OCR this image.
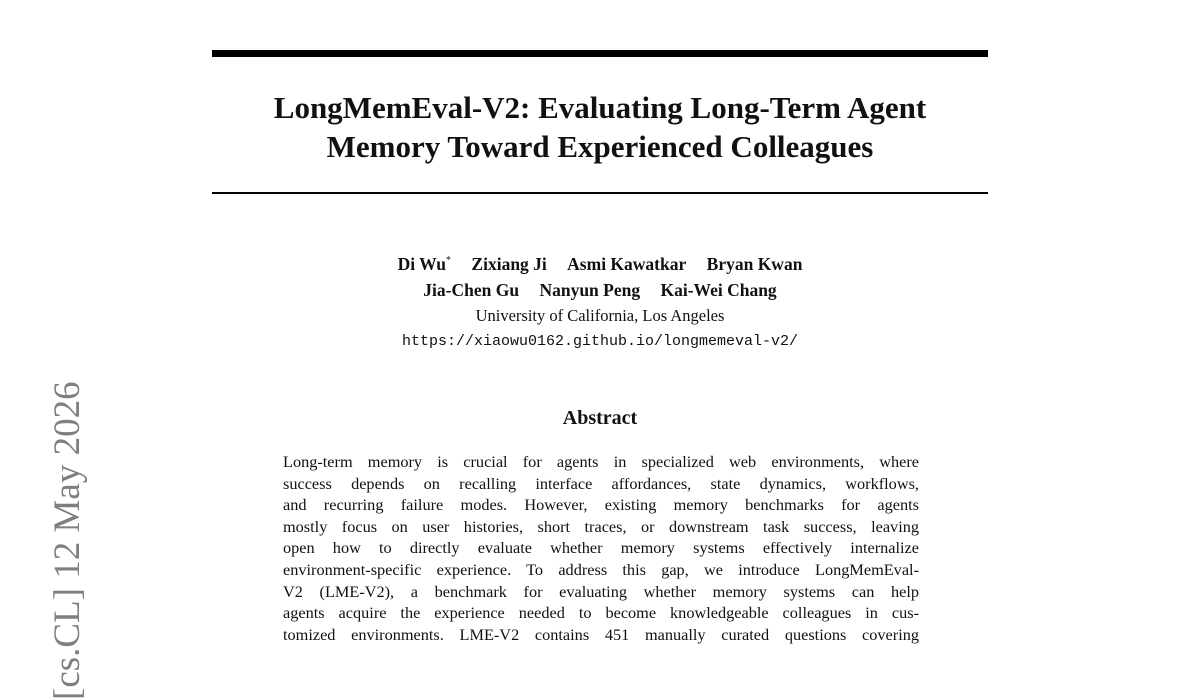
LongMemEval-V2: Evaluating Long-Term Agent
Memory Toward Experienced Colleagues
Di Wu* Zixiang Ji Asmi Kawatkar Bryan Kwan
Jia-Chen Gu Nanyun Peng Kai-Wei Chang
University of California, Los Angeles
https://xiaowu0162.github.io/longmemeval-v2/
Abstract
Long-term memory is crucial for agents in specialized web environments, where
success depends on recalling interface affordances, state dynamics, workflows,
and recurring failure modes. However, existing memory benchmarks for agents
mostly focus on user histories, short traces, or downstream task success, leaving
open how to directly evaluate whether memory systems effectively internalize
environment-specific experience. To address this gap, we introduce LongMemEval-
V2 (LME-V2), a benchmark for evaluating whether memory systems can help
agents acquire the experience needed to become knowledgeable colleagues in cus-
tomized environments. LME-V2 contains 451 manually curated questions covering
[cs.CL] 12 May 2026
